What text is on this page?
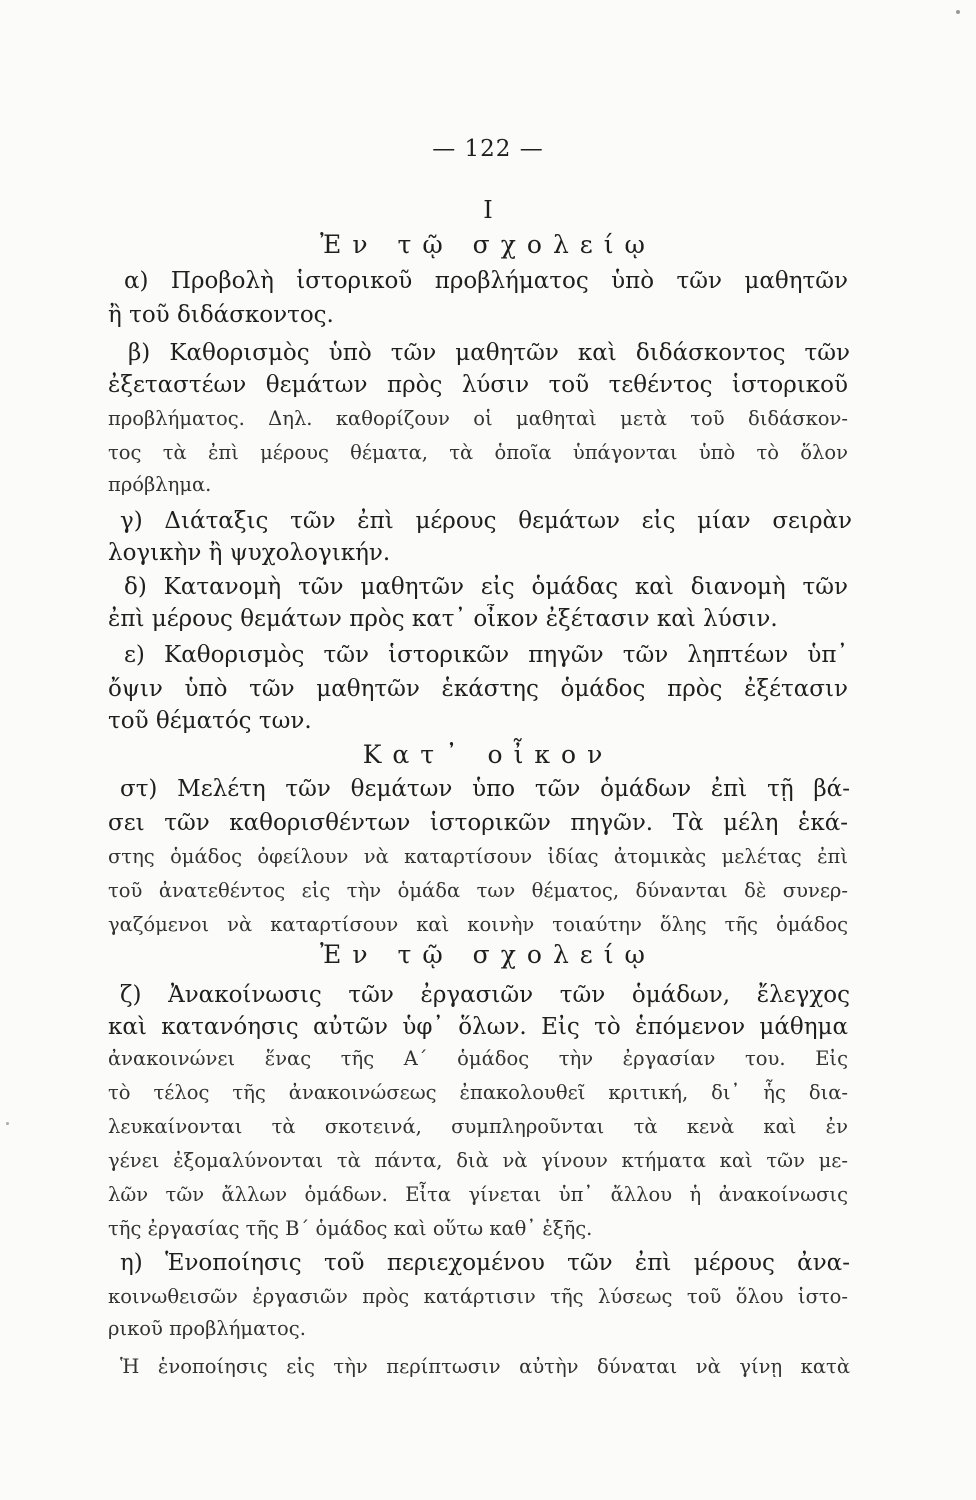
— 122 —
I
Ἐν τῷ σχολείῳ
α) Προβολὴ ἱστορικοῦ προβλήματος ὑπὸ τῶν μαθητῶν
ἢ τοῦ διδάσκοντος.
β) Καθορισμὸς ὑπὸ τῶν μαθητῶν καὶ διδάσκοντος τῶν
ἐξεταστέων θεμάτων πρὸς λύσιν τοῦ τεθέντος ἱστορικοῦ
προβλήματος. Δηλ. καθορίζουν οἱ μαθηταὶ μετὰ τοῦ διδάσκον-
τος τὰ ἐπὶ μέρους θέματα, τὰ ὁποῖα ὑπάγονται ὑπὸ τὸ ὅλον
πρόβλημα.
γ) Διάταξις τῶν ἐπὶ μέρους θεμάτων εἰς μίαν σειρὰν
λογικὴν ἢ ψυχολογικήν.
δ) Κατανομὴ τῶν μαθητῶν εἰς ὁμάδας καὶ διανομὴ τῶν
ἐπὶ μέρους θεμάτων πρὸς κατ᾽ οἶκον ἐξέτασιν καὶ λύσιν.
ε) Καθορισμὸς τῶν ἱστορικῶν πηγῶν τῶν ληπτέων ὑπ᾽
ὄψιν ὑπὸ τῶν μαθητῶν ἑκάστης ὁμάδος πρὸς ἐξέτασιν
τοῦ θέματός των.
Κατ᾽ οἶκον
στ) Μελέτη τῶν θεμάτων ὑπο τῶν ὁμάδων ἐπὶ τῇ βά-
σει τῶν καθορισθέντων ἱστορικῶν πηγῶν. Τὰ μέλη ἑκά-
στης ὁμάδος ὀφείλουν νὰ καταρτίσουν ἰδίας ἀτομικὰς μελέτας ἐπὶ
τοῦ ἀνατεθέντος εἰς τὴν ὁμάδα των θέματος, δύνανται δὲ συνερ-
γαζόμενοι νὰ καταρτίσουν καὶ κοινὴν τοιαύτην ὅλης τῆς ὁμάδος
Ἐν τῷ σχολείῳ
ζ) Ἀνακοίνωσις τῶν ἐργασιῶν τῶν ὁμάδων, ἔλεγχος
καὶ κατανόησις αὐτῶν ὑφ᾽ ὅλων. Εἰς τὸ ἑπόμενον μάθημα
ἀνακοινώνει ἕνας τῆς Α´ ὁμάδος τὴν ἐργασίαν του. Εἰς
τὸ τέλος τῆς ἀνακοινώσεως ἐπακολουθεῖ κριτική, δι᾽ ἧς δια-
λευκαίνονται τὰ σκοτεινά, συμπληροῦνται τὰ κενὰ καὶ ἐν
γένει ἐξομαλύνονται τὰ πάντα, διὰ νὰ γίνουν κτήματα καὶ τῶν με-
λῶν τῶν ἄλλων ὁμάδων. Εἶτα γίνεται ὑπ᾽ ἄλλου ἡ ἀνακοίνωσις
τῆς ἐργασίας τῆς Β´ ὁμάδος καὶ οὕτω καθ᾽ ἑξῆς.
η) Ἑνοποίησις τοῦ περιεχομένου τῶν ἐπὶ μέρους ἀνα-
κοινωθεισῶν ἐργασιῶν πρὸς κατάρτισιν τῆς λύσεως τοῦ ὅλου ἱστο-
ρικοῦ προβλήματος.
Ἡ ἑνοποίησις εἰς τὴν περίπτωσιν αὐτὴν δύναται νὰ γίνῃ κατὰ
